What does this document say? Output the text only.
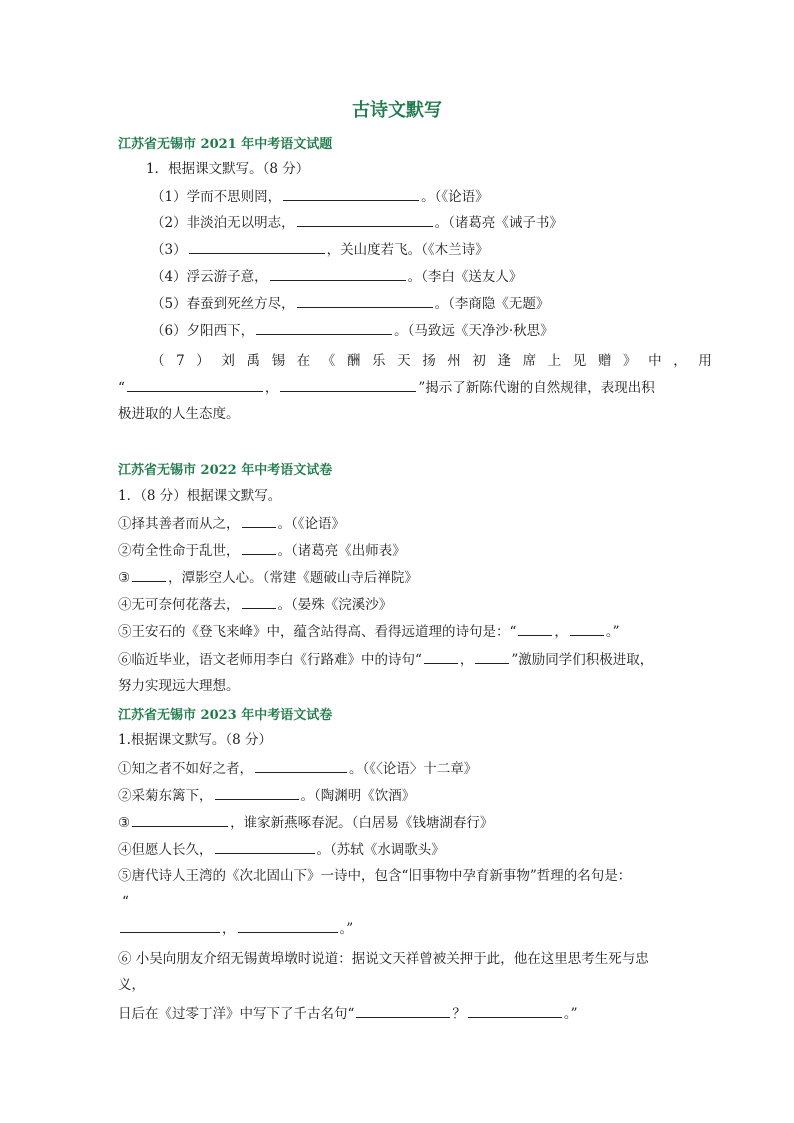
古诗文默写
江苏省无锡市 2021 年中考语文试题
1．根据课文默写。（8 分）
（1）学而不思则罔，	。（《论语》
（2）非淡泊无以明志，	。（诸葛亮《诫子书》
（3）	，关山度若飞。（《木兰诗》
（4）浮云游子意，	。（李白《送友人》
（5）春蚕到死丝方尽，	。（李商隐《无题》
（6）夕阳西下，	。（马致远《天净沙·秋思》
（7）刘禹锡在《酬乐天扬州初逢席上见赠》中，用
“	，	”揭示了新陈代谢的自然规律，表现出积
极进取的人生态度。
江苏省无锡市 2022 年中考语文试卷
1．（8 分）根据课文默写。
①择其善者而从之，	。（《论语》
②苟全性命于乱世，	。（诸葛亮《出师表》
③	，潭影空人心。（常建《题破山寺后禅院》
④无可奈何花落去，	。（晏殊《浣溪沙》
⑤王安石的《登飞来峰》中，蕴含站得高、看得远道理的诗句是：“	，	。”
⑥临近毕业，语文老师用李白《行路难》中的诗句“	，	”激励同学们积极进取，
努力实现远大理想。
江苏省无锡市 2023 年中考语文试卷
1.根据课文默写。（8 分）
①知之者不如好之者，	。（《〈论语〉十二章》
②采菊东篱下，	。（陶渊明《饮酒》
③	，谁家新燕啄春泥。（白居易《钱塘湖春行》
④但愿人长久，	。（苏轼《水调歌头》
⑤唐代诗人王湾的《次北固山下》一诗中，包含“旧事物中孕育新事物”哲理的名句是：
“
，	。”
⑥ 小吴向朋友介绍无锡黄埠墩时说道：据说文天祥曾被关押于此，他在这里思考生死与忠
义，
日后在《过零丁洋》中写下了千古名句“	？	。”
